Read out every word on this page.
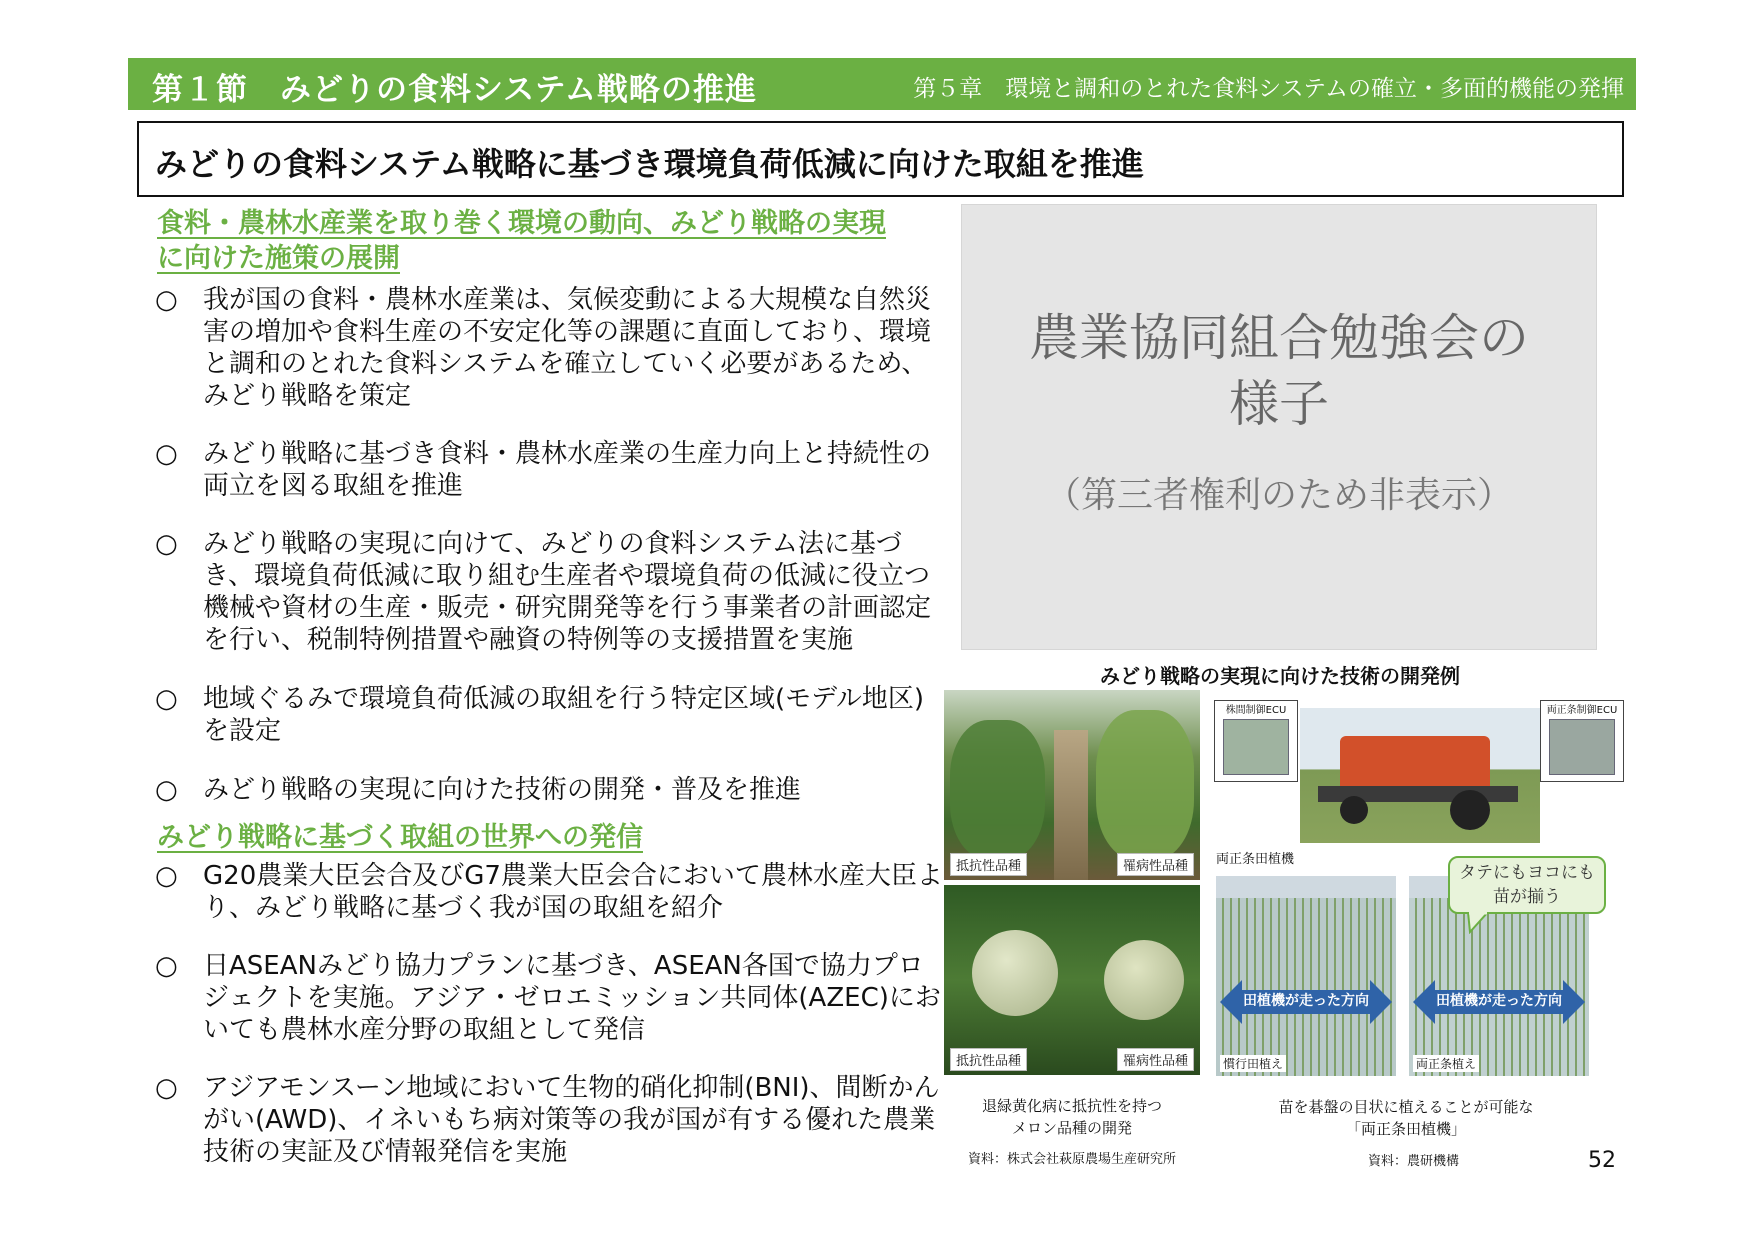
第１節　みどりの食料システム戦略の推進	第５章　環境と調和のとれた食料システムの確立・多面的機能の発揮
みどりの食料システム戦略に基づき環境負荷低減に向けた取組を推進
食料・農林水産業を取り巻く環境の動向、みどり戦略の実現
に向けた施策の展開
○ 我が国の食料・農林水産業は、気候変動による大規模な自然災害の増加や食料生産の不安定化等の課題に直面しており、環境と調和のとれた食料システムを確立していく必要があるため、みどり戦略を策定
○ みどり戦略に基づき食料・農林水産業の生産力向上と持続性の両立を図る取組を推進
○ みどり戦略の実現に向けて、みどりの食料システム法に基づき、環境負荷低減に取り組む生産者や環境負荷の低減に役立つ機械や資材の生産・販売・研究開発等を行う事業者の計画認定を行い、税制特例措置や融資の特例等の支援措置を実施
○ 地域ぐるみで環境負荷低減の取組を行う特定区域(モデル地区)を設定
○ みどり戦略の実現に向けた技術の開発・普及を推進
みどり戦略に基づく取組の世界への発信
○ G20農業大臣会合及びG7農業大臣会合において農林水産大臣より、みどり戦略に基づく我が国の取組を紹介
○ 日ASEANみどり協力プランに基づき、ASEAN各国で協力プロジェクトを実施。アジア・ゼロエミッション共同体(AZEC)においても農林水産分野の取組として発信
○ アジアモンスーン地域において生物的硝化抑制(BNI)、間断かんがい(AWD)、イネいもち病対策等の我が国が有する優れた農業技術の実証及び情報発信を実施
農業協同組合勉強会の様子
（第三者権利のため非表示）
みどり戦略の実現に向けた技術の開発例
抵抗性品種	罹病性品種
抵抗性品種	罹病性品種
退緑黄化病に抵抗性を持つ
メロン品種の開発
資料：株式会社萩原農場生産研究所
株間制御ECU	両正条制御ECU
両正条田植機
田植機が走った方向
慣行田植え
田植機が走った方向
両正条植え
タテにもヨコにも苗が揃う
苗を碁盤の目状に植えることが可能な
「両正条田植機」
資料：農研機構	52
